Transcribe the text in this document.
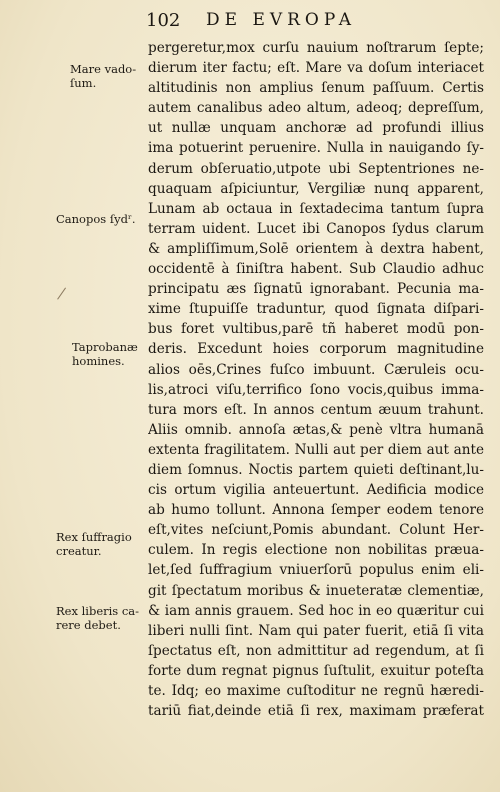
102 DE EVROPA
pergeretur,mox curſu nauium noſtrarum ſepte;
dierum iter factu; eſt. Mare va doſum interiacet
altitudinis non amplius ſenum paſſuum. Certis
autem canalibus adeo altum, adeoq; depreſſum,
ut nullæ unquam anchoræ ad profundi illius
ima potuerint peruenire. Nulla in nauigando ſy-
derum obſeruatio,utpote ubi Septentriones ne-
quaquam aſpiciuntur, Vergiliæ nunq apparent,
Lunam ab octaua in ſextadecima tantum ſupra
terram uident. Lucet ibi Canopos ſydus clarum
& ampliſſimum,Solē orientem à dextra habent,
occidentē à ſiniſtra habent. Sub Claudio adhuc
principatu æs ſignatū ignorabant. Pecunia ma-
xime ſtupuiſſe traduntur, quod ſignata diſpari-
bus foret vultibus,parē tñ haberet modū pon-
deris. Excedunt hoies corporum magnitudine
alios oēs,Crines fuſco imbuunt. Cæruleis ocu-
lis,atroci viſu,terrifico ſono vocis,quibus imma-
tura mors eſt. In annos centum æuum trahunt.
Aliis omnib. annoſa ætas,& penè vltra humanā
extenta fragilitatem. Nulli aut per diem aut ante
diem ſomnus. Noctis partem quieti deſtinant,lu-
cis ortum vigilia anteuertunt. Aedificia modice
ab humo tollunt. Annona ſemper eodem tenore
eſt,vites neſciunt,Pomis abundant. Colunt Her-
culem. In regis electione non nobilitas præua-
let,ſed ſuffragium vniuerſorū populus enim eli-
git ſpectatum moribus & inueteratæ clementiæ,
& iam annis grauem. Sed hoc in eo quæritur cui
liberi nulli ſint. Nam qui pater fuerit, etiā ſi vita
ſpectatus eſt, non admittitur ad regendum, at ſi
forte dum regnat pignus ſuſtulit, exuitur poteſta
te. Idq; eo maxime cuſtoditur ne regnū hæredi-
tariū fiat,deinde etiā ſi rex, maximam præferat
Mare vado-
ſum.
Canopos ſydʳ.
Taprobanæ
homines.
Rex ſuffragio
creatur.
Rex liberis ca-
rere debet.
